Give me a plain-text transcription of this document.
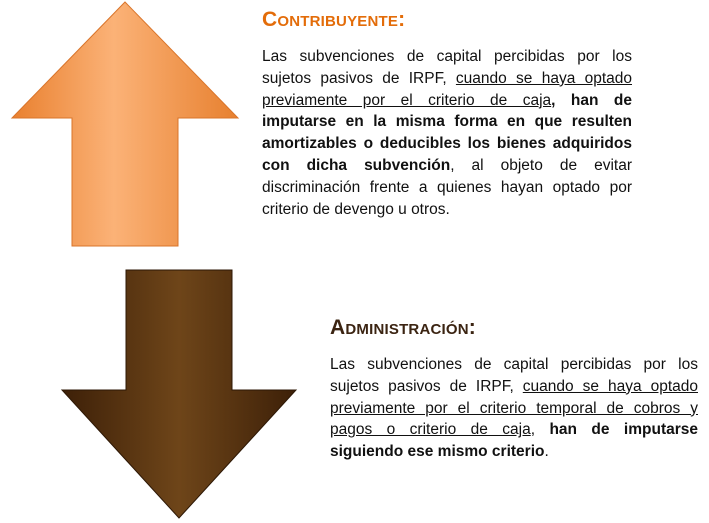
Contribuyente:

Las subvenciones de capital percibidas por los sujetos pasivos de IRPF, cuando se haya optado previamente por el criterio de caja, han de imputarse en la misma forma en que resulten amortizables o deducibles los bienes adquiridos con dicha subvención, al objeto de evitar discriminación frente a quienes hayan optado por criterio de devengo u otros.

Administración:

Las subvenciones de capital percibidas por los sujetos pasivos de IRPF, cuando se haya optado previamente por el criterio temporal de cobros y pagos o criterio de caja, han de imputarse siguiendo ese mismo criterio.
